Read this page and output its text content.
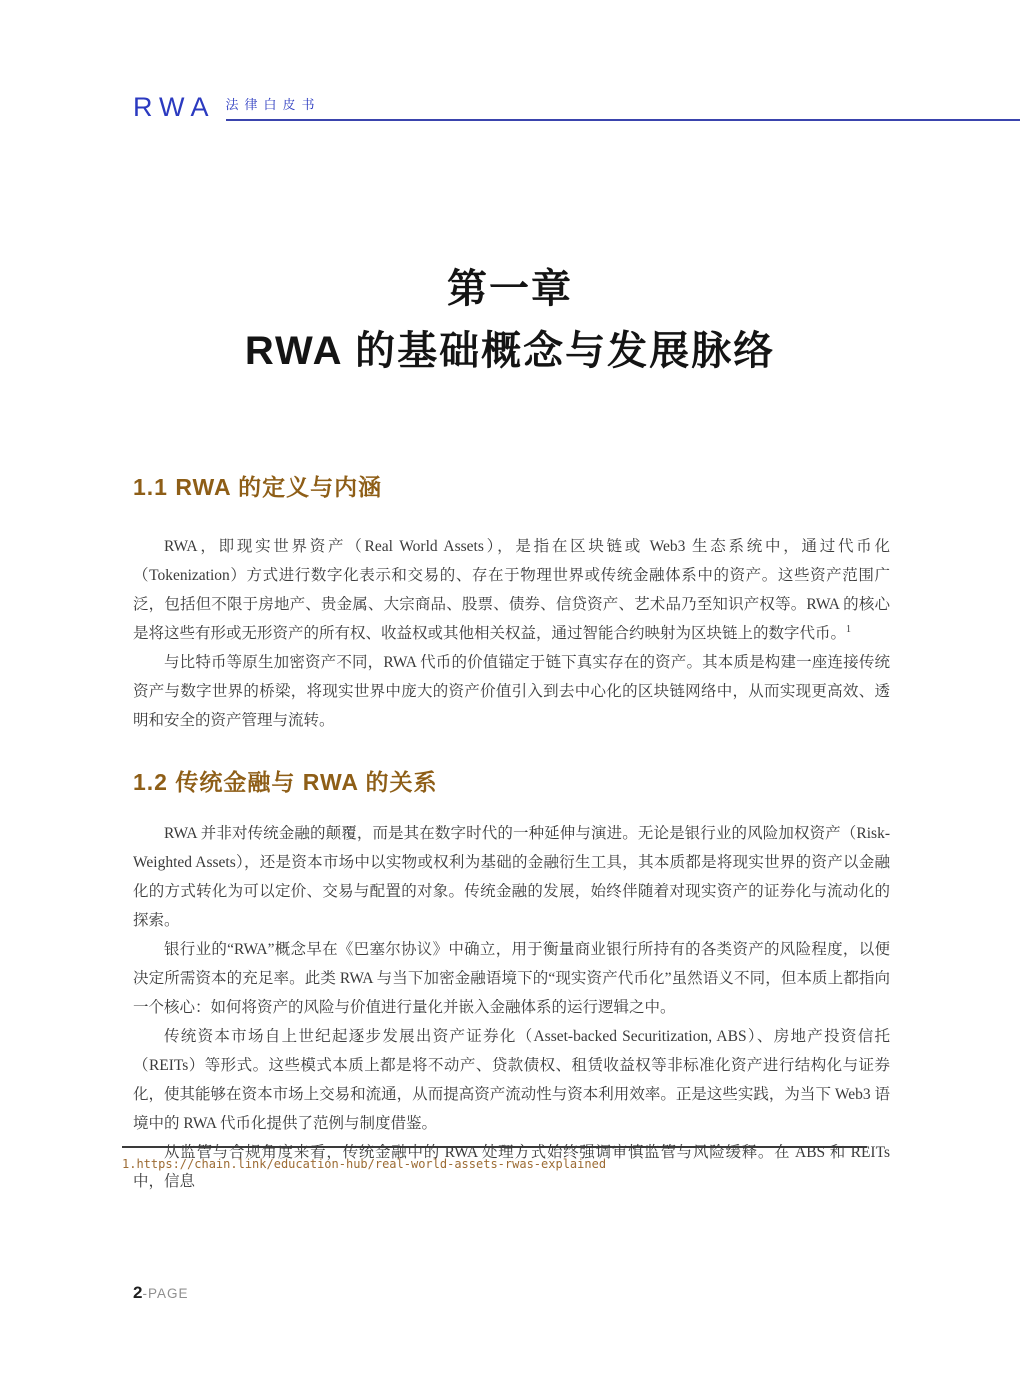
RWA 法律白皮书
第一章
RWA 的基础概念与发展脉络
1.1 RWA 的定义与内涵

RWA，即现实世界资产（Real World Assets），是指在区块链或 Web3 生态系统中，通过代币化（Tokenization）方式进行数字化表示和交易的、存在于物理世界或传统金融体系中的资产。这些资产范围广泛，包括但不限于房地产、贵金属、大宗商品、股票、债券、信贷资产、艺术品乃至知识产权等。RWA 的核心是将这些有形或无形资产的所有权、收益权或其他相关权益，通过智能合约映射为区块链上的数字代币。$^1$

与比特币等原生加密资产不同，RWA 代币的价值锚定于链下真实存在的资产。其本质是构建一座连接传统资产与数字世界的桥梁，将现实世界中庞大的资产价值引入到去中心化的区块链网络中，从而实现更高效、透明和安全的资产管理与流转。

1.2 传统金融与 RWA 的关系

RWA 并非对传统金融的颠覆，而是其在数字时代的一种延伸与演进。无论是银行业的风险加权资产（Risk-Weighted Assets），还是资本市场中以实物或权利为基础的金融衍生工具，其本质都是将现实世界的资产以金融化的方式转化为可以定价、交易与配置的对象。传统金融的发展，始终伴随着对现实资产的证券化与流动化的探索。

银行业的“RWA”概念早在《巴塞尔协议》中确立，用于衡量商业银行所持有的各类资产的风险程度，以便决定所需资本的充足率。此类 RWA 与当下加密金融语境下的“现实资产代币化”虽然语义不同，但本质上都指向一个核心：如何将资产的风险与价值进行量化并嵌入金融体系的运行逻辑之中。

传统资本市场自上世纪起逐步发展出资产证券化（Asset-backed Securitization, ABS）、房地产投资信托（REITs）等形式。这些模式本质上都是将不动产、贷款债权、租赁收益权等非标准化资产进行结构化与证券化，使其能够在资本市场上交易和流通，从而提高资产流动性与资本利用效率。正是这些实践，为当下 Web3 语境中的 RWA 代币化提供了范例与制度借鉴。

从监管与合规角度来看，传统金融中的 RWA 处理方式始终强调审慎监管与风险缓释。在 ABS 和 REITs 中，信息

1.https://chain.link/education-hub/real-world-assets-rwas-explained
2 -PAGE
